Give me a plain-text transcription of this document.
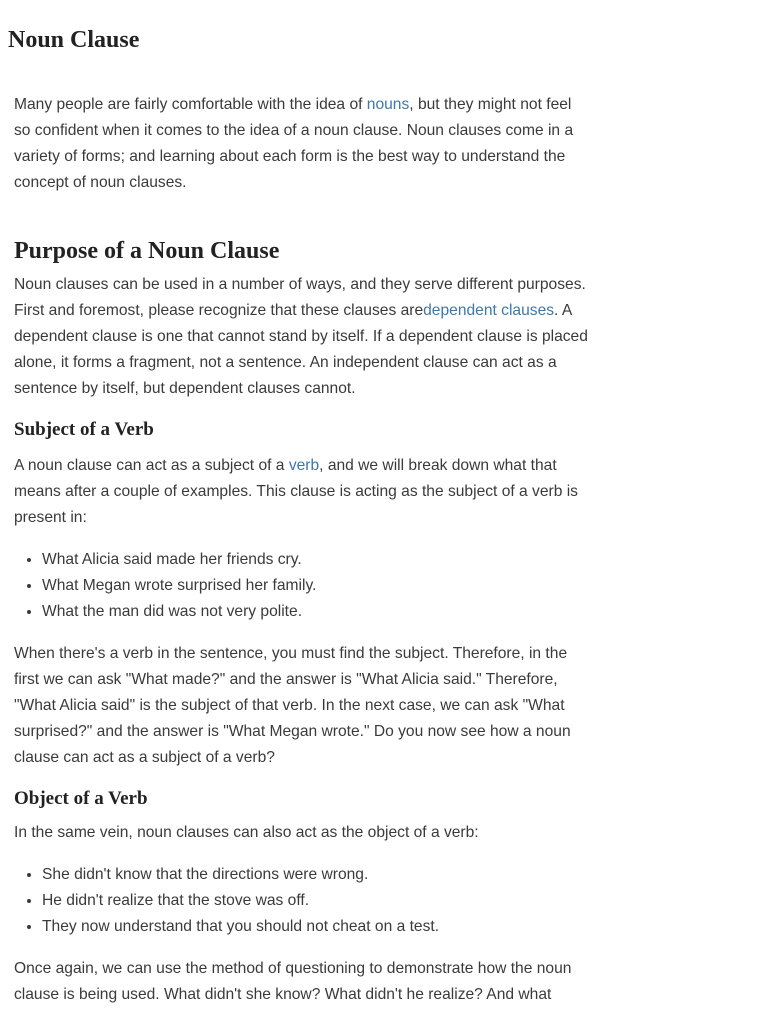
Noun Clause

Many people are fairly comfortable with the idea of nouns, but they might not feel so confident when it comes to the idea of a noun clause. Noun clauses come in a variety of forms; and learning about each form is the best way to understand the concept of noun clauses.

Purpose of a Noun Clause

Noun clauses can be used in a number of ways, and they serve different purposes. First and foremost, please recognize that these clauses aredependent clauses. A dependent clause is one that cannot stand by itself. If a dependent clause is placed alone, it forms a fragment, not a sentence. An independent clause can act as a sentence by itself, but dependent clauses cannot.

Subject of a Verb

A noun clause can act as a subject of a verb, and we will break down what that means after a couple of examples. This clause is acting as the subject of a verb is present in:

• What Alicia said made her friends cry.
• What Megan wrote surprised her family.
• What the man did was not very polite.

When there's a verb in the sentence, you must find the subject. Therefore, in the first we can ask "What made?" and the answer is "What Alicia said." Therefore, "What Alicia said" is the subject of that verb. In the next case, we can ask "What surprised?" and the answer is "What Megan wrote." Do you now see how a noun clause can act as a subject of a verb?

Object of a Verb

In the same vein, noun clauses can also act as the object of a verb:

• She didn't know that the directions were wrong.
• He didn't realize that the stove was off.
• They now understand that you should not cheat on a test.

Once again, we can use the method of questioning to demonstrate how the noun clause is being used. What didn't she know? What didn't he realize? And what
